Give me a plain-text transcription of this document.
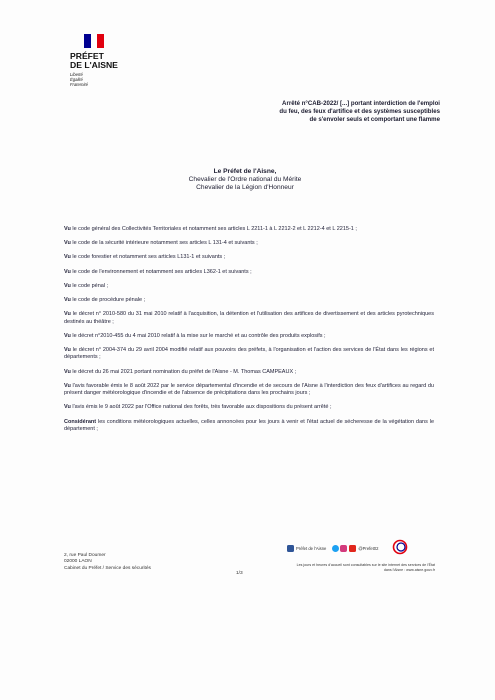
PRÉFET
DE L'AISNE
Liberté
Égalité
Fraternité
Arrêté n°CAB-2022/ [...] portant interdiction de l'emploi
du feu, des feux d'artifice et des systèmes susceptibles
de s'envoler seuls et comportant une flamme
Le Préfet de l'Aisne,
Chevalier de l'Ordre national du Mérite
Chevalier de la Légion d'Honneur

Vu le code général des Collectivités Territoriales et notamment ses articles L 2211-1 à L 2212-2 et L 2212-4 et L 2215-1 ;

Vu le code de la sécurité intérieure notamment ses articles L 131-4 et suivants ;

Vu le code forestier et notamment ses articles L131-1 et suivants ;

Vu le code de l'environnement et notamment ses articles L362-1 et suivants ;

Vu le code pénal ;

Vu le code de procédure pénale ;

Vu le décret n° 2010-580 du 31 mai 2010 relatif à l'acquisition, la détention et l'utilisation des artifices de divertissement et des articles pyrotechniques destinés au théâtre ;

Vu le décret n°2010-455 du 4 mai 2010 relatif à la mise sur le marché et au contrôle des produits explosifs ;

Vu le décret n° 2004-374 du 29 avril 2004 modifié relatif aux pouvoirs des préfets, à l'organisation et l'action des services de l'État dans les régions et départements ;

Vu le décret du 26 mai 2021 portant nomination du préfet de l'Aisne - M. Thomas CAMPEAUX ;

Vu l'avis favorable émis le 8 août 2022 par le service départemental d'incendie et de secours de l'Aisne à l'interdiction des feux d'artifices au regard du présent danger météorologique d'incendie et de l'absence de précipitations dans les prochains jours ;

Vu l'avis émis le 9 août 2022 par l'Office national des forêts, très favorable aux dispositions du présent arrêté ;

Considérant les conditions météorologiques actuelles, celles annoncées pour les jours à venir et l'état actuel de sécheresse de la végétation dans le département ;

2, rue Paul Doumer
02000 LAON
Cabinet du Préfet / Service des sécurités
1/3
Préfet de l'Aisne	@Prefet02
Les jours et heures d'accueil sont consultables sur le site internet des services de l'État dans l'Aisne : www.aisne.gouv.fr
